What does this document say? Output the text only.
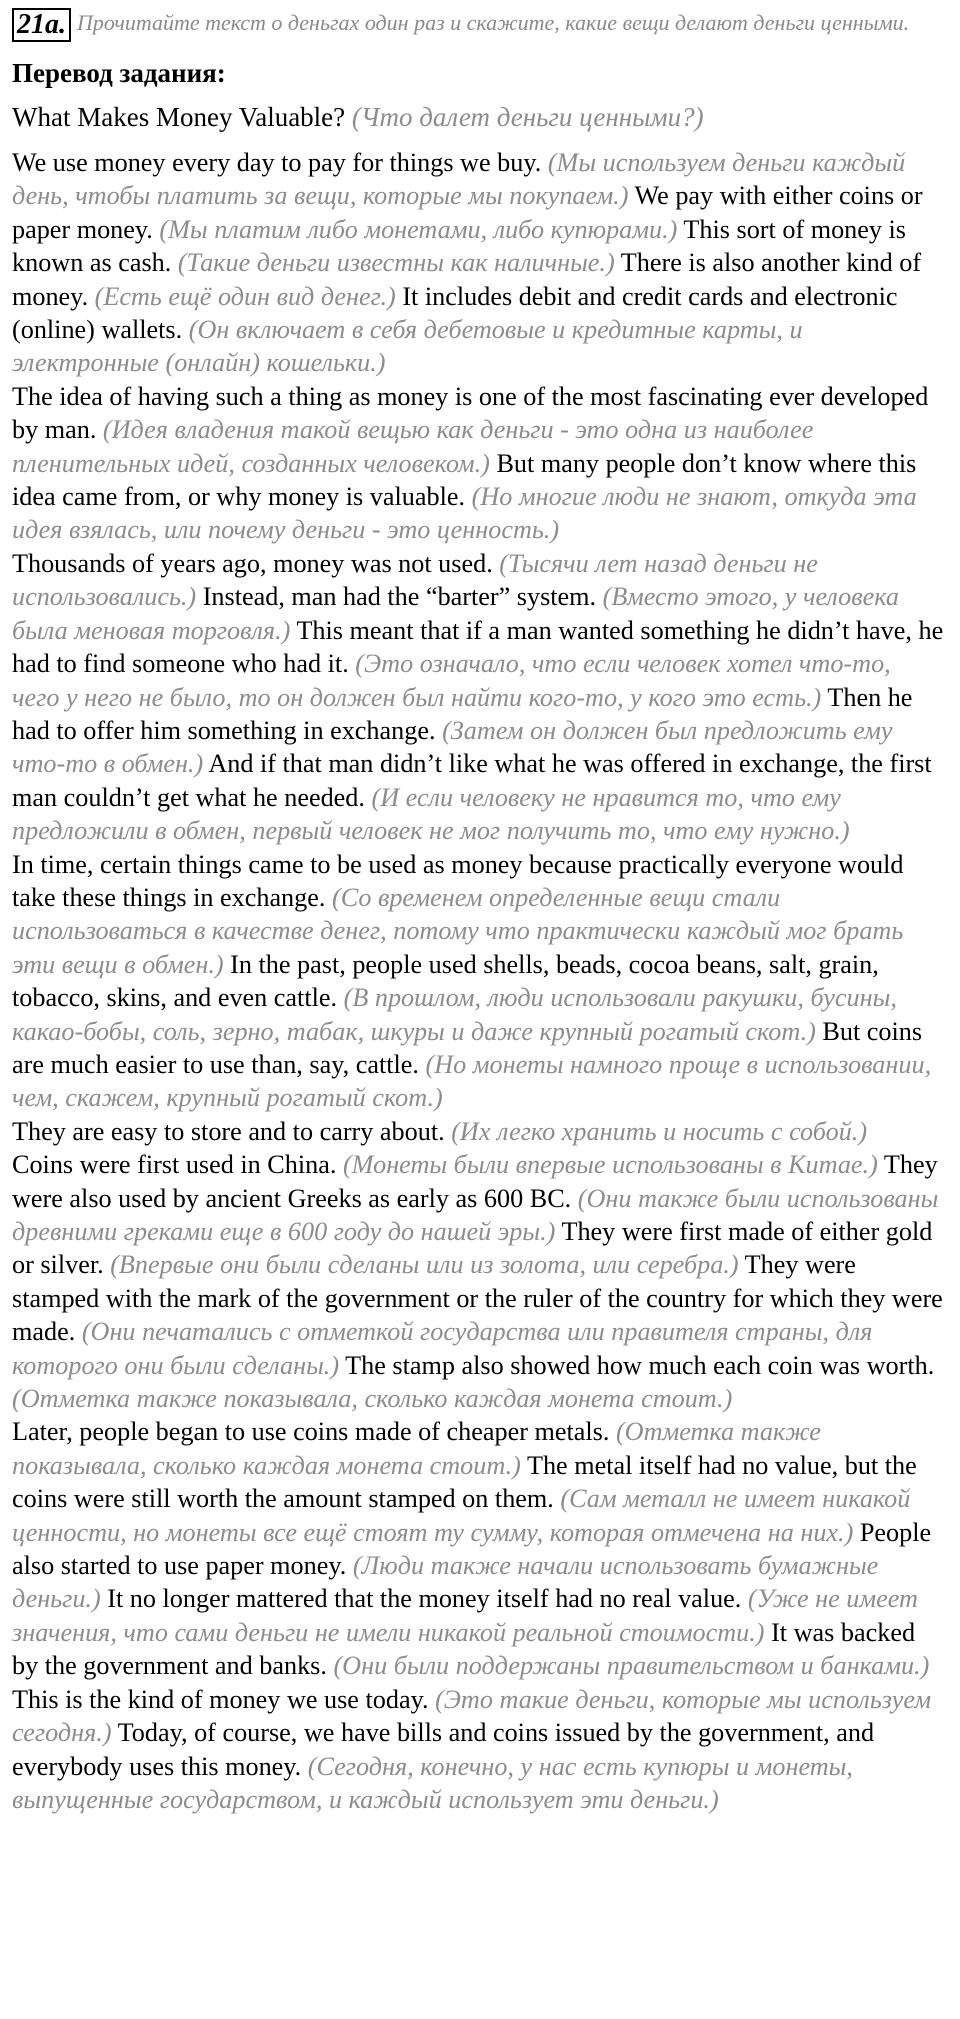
21a. Прочитайте текст о деньгах один раз и скажите, какие вещи делают деньги ценными.

Перевод задания:
What Makes Money Valuable? (Что далет деньги ценными?)
We use money every day to pay for things we buy. (Мы используем деньги каждый день, чтобы платить за вещи, которые мы покупаем.) We pay with either coins or paper money. (Мы платим либо монетами, либо купюрами.) This sort of money is known as cash. (Такие деньги известны как наличные.) There is also another kind of money. (Есть ещё один вид денег.) It includes debit and credit cards and electronic (online) wallets. (Он включает в себя дебетовые и кредитные карты, и электронные (онлайн) кошельки.)
The idea of having such a thing as money is one of the most fascinating ever developed by man. (Идея владения такой вещью как деньги - это одна из наиболее пленительных идей, созданных человеком.) But many people don’t know where this idea came from, or why money is valuable. (Но многие люди не знают, откуда эта идея взялась, или почему деньги - это ценность.)
Thousands of years ago, money was not used. (Тысячи лет назад деньги не использовались.) Instead, man had the “barter” system. (Вместо этого, у человека была меновая торговля.) This meant that if a man wanted something he didn’t have, he had to find someone who had it. (Это означало, что если человек хотел что-то, чего у него не было, то он должен был найти кого-то, у кого это есть.) Then he had to offer him something in exchange. (Затем он должен был предложить ему что-то в обмен.) And if that man didn’t like what he was offered in exchange, the first man couldn’t get what he needed. (И если человеку не нравится то, что ему предложили в обмен, первый человек не мог получить то, что ему нужно.)
In time, certain things came to be used as money because practically everyone would take these things in exchange. (Со временем определенные вещи стали использоваться в качестве денег, потому что практически каждый мог брать эти вещи в обмен.) In the past, people used shells, beads, cocoa beans, salt, grain, tobacco, skins, and even cattle. (В прошлом, люди использовали ракушки, бусины, какао-бобы, соль, зерно, табак, шкуры и даже крупный рогатый скот.) But coins are much easier to use than, say, cattle. (Но монеты намного проще в использовании, чем, скажем, крупный рогатый скот.)
They are easy to store and to carry about. (Их легко хранить и носить с собой.)
Coins were first used in China. (Монеты были впервые использованы в Китае.) They were also used by ancient Greeks as early as 600 BC. (Они также были использованы древними греками еще в 600 году до нашей эры.) They were first made of either gold or silver. (Впервые они были сделаны или из золота, или серебра.) They were stamped with the mark of the government or the ruler of the country for which they were made. (Они печатались с отметкой государства или правителя страны, для которого они были сделаны.) The stamp also showed how much each coin was worth. (Отметка также показывала, сколько каждая монета стоит.)
Later, people began to use coins made of cheaper metals. (Отметка также показывала, сколько каждая монета стоит.) The metal itself had no value, but the coins were still worth the amount stamped on them. (Сам металл не имеет никакой ценности, но монеты все ещё стоят ту сумму, которая отмечена на них.) People also started to use paper money. (Люди также начали использовать бумажные деньги.) It no longer mattered that the money itself had no real value. (Уже не имеет значения, что сами деньги не имели никакой реальной стоимости.) It was backed by the government and banks. (Они были поддержаны правительством и банками.) This is the kind of money we use today. (Это такие деньги, которые мы используем сегодня.) Today, of course, we have bills and coins issued by the government, and everybody uses this money. (Сегодня, конечно, у нас есть купюры и монеты, выпущенные государством, и каждый использует эти деньги.)
